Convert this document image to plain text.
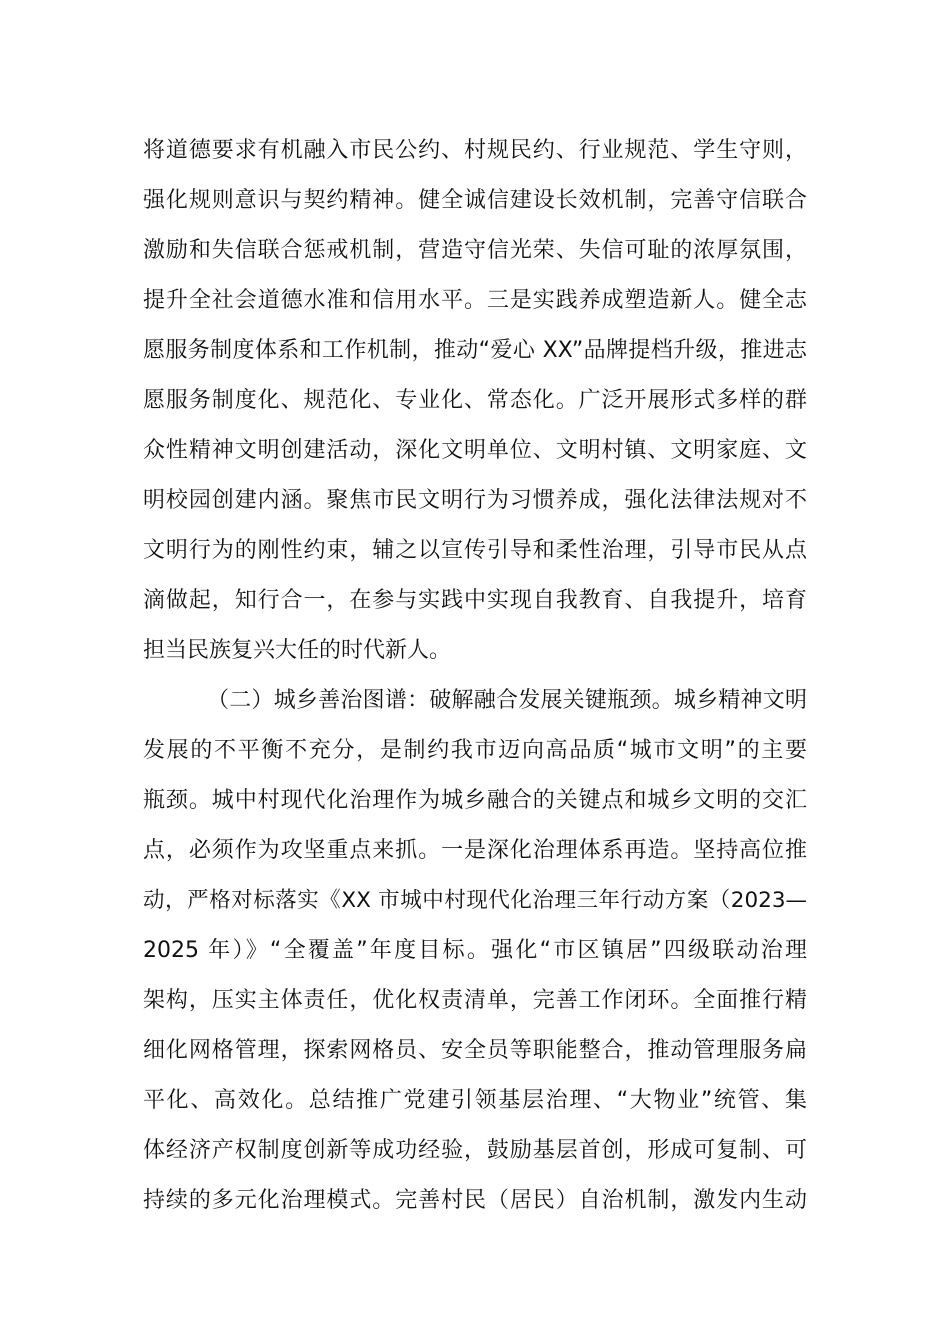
将道德要求有机融入市民公约、村规民约、行业规范、学生守则，
强化规则意识与契约精神。健全诚信建设长效机制，完善守信联合
激励和失信联合惩戒机制，营造守信光荣、失信可耻的浓厚氛围，
提升全社会道德水准和信用水平。三是实践养成塑造新人。健全志
愿服务制度体系和工作机制，推动“爱心 XX”品牌提档升级，推进志
愿服务制度化、规范化、专业化、常态化。广泛开展形式多样的群
众性精神文明创建活动，深化文明单位、文明村镇、文明家庭、文
明校园创建内涵。聚焦市民文明行为习惯养成，强化法律法规对不
文明行为的刚性约束，辅之以宣传引导和柔性治理，引导市民从点
滴做起，知行合一，在参与实践中实现自我教育、自我提升，培育
担当民族复兴大任的时代新人。
（二）城乡善治图谱：破解融合发展关键瓶颈。城乡精神文明
发展的不平衡不充分，是制约我市迈向高品质“城市文明”的主要
瓶颈。城中村现代化治理作为城乡融合的关键点和城乡文明的交汇
点，必须作为攻坚重点来抓。一是深化治理体系再造。坚持高位推
动，严格对标落实《XX 市城中村现代化治理三年行动方案（2023—
2025 年）》“全覆盖”年度目标。强化“市区镇居”四级联动治理
架构，压实主体责任，优化权责清单，完善工作闭环。全面推行精
细化网格管理，探索网格员、安全员等职能整合，推动管理服务扁
平化、高效化。总结推广党建引领基层治理、“大物业”统管、集
体经济产权制度创新等成功经验，鼓励基层首创，形成可复制、可
持续的多元化治理模式。完善村民（居民）自治机制，激发内生动
